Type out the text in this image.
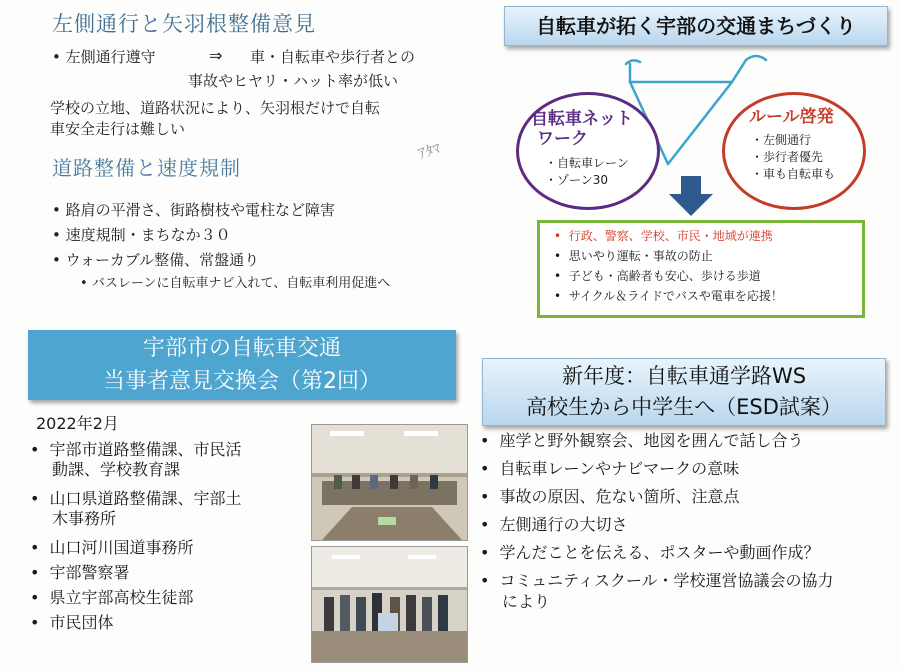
左側通行と矢羽根整備意見
• 左側通行遵守	⇒ 車・自転車や歩行者との
事故やヒヤリ・ハット率が低い
学校の立地、道路状況により、矢羽根だけで自転
車安全走行は難しい
ｱﾀﾏ
道路整備と速度規制
• 路肩の平滑さ、街路樹枝や電柱など障害
• 速度規制・まちなか３０
• ウォーカブル整備、常盤通り
• バスレーンに自転車ナビ入れて、自転車利用促進へ
自転車が拓く宇部の交通まちづくり
自転車ネット
ワーク
・自転車レーン
・ゾーン30
ルール啓発
・左側通行
・歩行者優先
・車も自転車も
•  行政、警察、学校、市民・地域が連携
•  思いやり運転・事故の防止
•  子ども・高齢者も安心、歩ける歩道
•  サイクル＆ライドでバスや電車を応援！
宇部市の自転車交通
当事者意見交換会（第2回）
2022年2月
• 宇部市道路整備課、市民活
動課、学校教育課
• 山口県道路整備課、宇部土
木事務所
• 山口河川国道事務所
• 宇部警察署
• 県立宇部高校生徒部
• 市民団体
新年度：自転車通学路WS
高校生から中学生へ（ESD試案）
• 座学と野外観察会、地図を囲んで話し合う
• 自転車レーンやナビマークの意味
• 事故の原因、危ない箇所、注意点
• 左側通行の大切さ
• 学んだことを伝える、ポスターや動画作成？
• コミュニティスクール・学校運営協議会の協力
により
